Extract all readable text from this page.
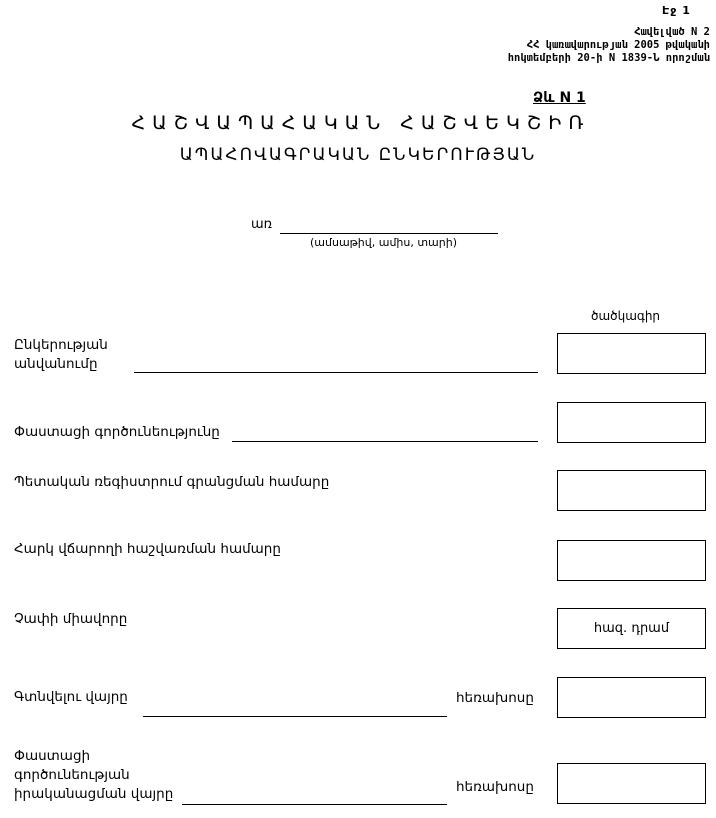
Էջ 1
Հավելված N 2
ՀՀ կառավարության 2005 թվականի
հոկտեմբերի 20-ի N 1839-Ն որոշման
Ձև N 1
ՀԱՇՎԱՊԱՀԱԿԱՆ ՀԱՇՎԵԿՇԻՌ
ԱՊԱՀՈՎԱԳՐԱԿԱՆ ԸՆԿԵՐՈՒԹՅԱՆ
առ
(ամսաթիվ, ամիս, տարի)
ծածկագիր
Ընկերության
անվանումը
Փաստացի գործունեությունը
Պետական ռեգիստրում գրանցման համարը
Հարկ վճարողի հաշվառման համարը
Չափի միավորը
հազ. դրամ
Գտնվելու վայրը	հեռախոսը
Փաստացի
գործունեության
իրականացման վայրը	հեռախոսը
